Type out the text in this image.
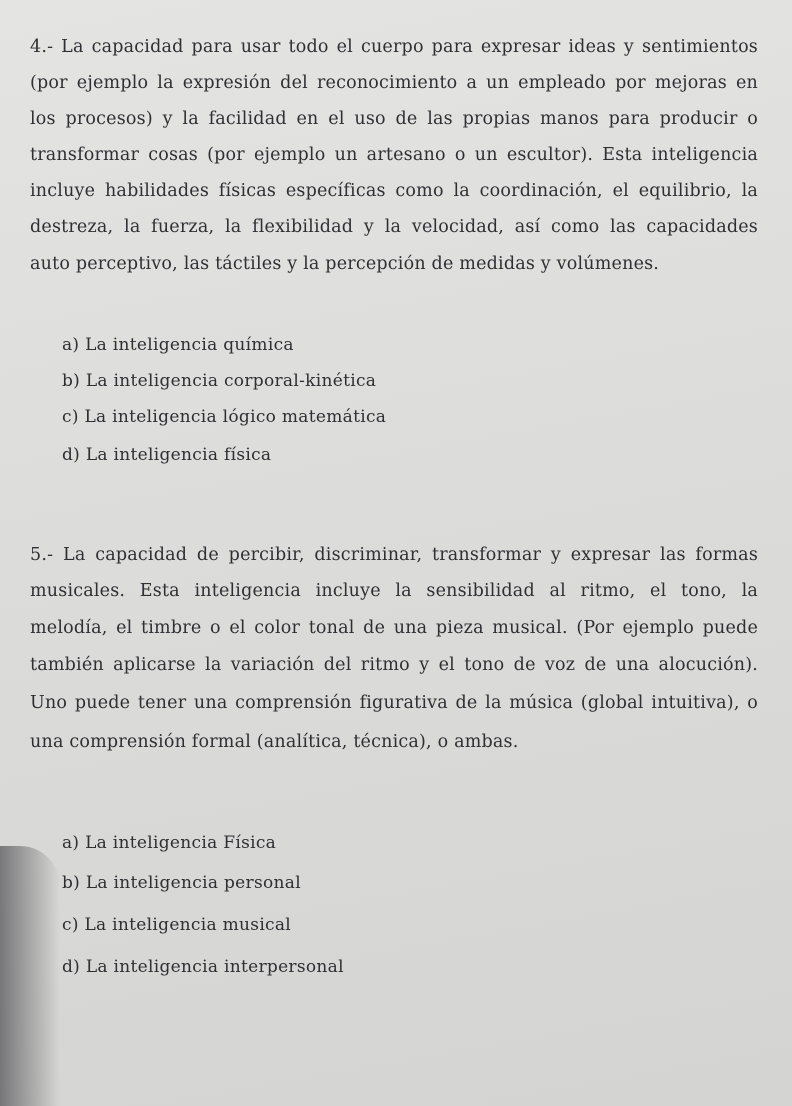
4.- La capacidad para usar todo el cuerpo para expresar ideas y sentimientos
(por ejemplo la expresión del reconocimiento a un empleado por mejoras en
los procesos) y la facilidad en el uso de las propias manos para producir o
transformar cosas (por ejemplo un artesano o un escultor). Esta inteligencia
incluye habilidades físicas específicas como la coordinación, el equilibrio, la
destreza, la fuerza, la flexibilidad y la velocidad, así como las capacidades
auto perceptivo, las táctiles y la percepción de medidas y volúmenes.
a) La inteligencia química
b) La inteligencia corporal-kinética
c) La inteligencia lógico matemática
d) La inteligencia física
5.- La capacidad de percibir, discriminar, transformar y expresar las formas
musicales. Esta inteligencia incluye la sensibilidad al ritmo, el tono, la
melodía, el timbre o el color tonal de una pieza musical. (Por ejemplo puede
también aplicarse la variación del ritmo y el tono de voz de una alocución).
Uno puede tener una comprensión figurativa de la música (global intuitiva), o
una comprensión formal (analítica, técnica), o ambas.
a) La inteligencia Física
b) La inteligencia personal
c) La inteligencia musical
d) La inteligencia interpersonal
